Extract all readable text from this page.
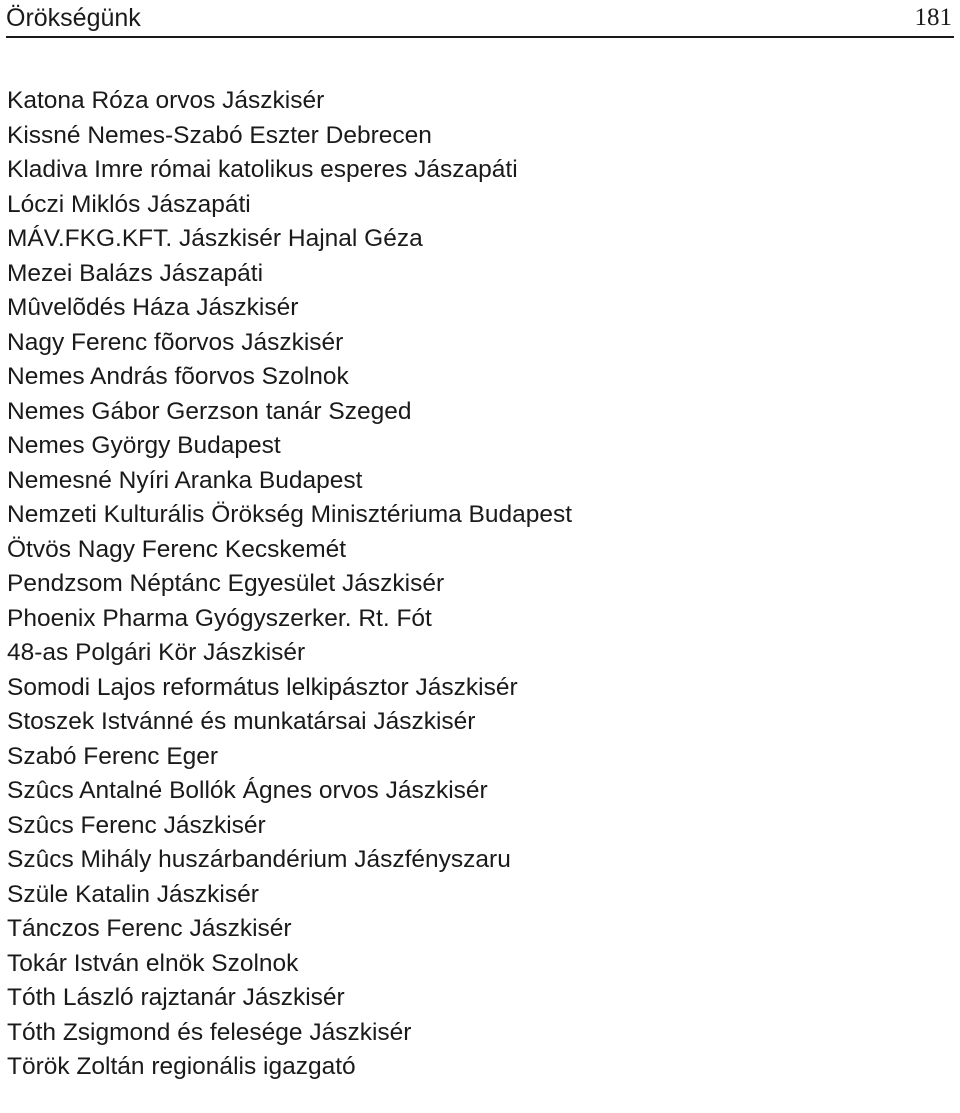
Örökségünk	181
Katona Róza orvos Jászkisér
Kissné Nemes-Szabó Eszter Debrecen
Kladiva Imre római katolikus esperes Jászapáti
Lóczi Miklós Jászapáti
MÁV.FKG.KFT. Jászkisér Hajnal Géza
Mezei Balázs Jászapáti
Mûvelõdés Háza Jászkisér
Nagy Ferenc fõorvos Jászkisér
Nemes András fõorvos Szolnok
Nemes Gábor Gerzson tanár Szeged
Nemes György Budapest
Nemesné Nyíri Aranka Budapest
Nemzeti Kulturális Örökség Minisztériuma Budapest
Ötvös Nagy Ferenc Kecskemét
Pendzsom Néptánc Egyesület Jászkisér
Phoenix Pharma Gyógyszerker. Rt. Fót
48-as Polgári Kör Jászkisér
Somodi Lajos református lelkipásztor Jászkisér
Stoszek Istvánné és munkatársai Jászkisér
Szabó Ferenc Eger
Szûcs Antalné Bollók Ágnes orvos Jászkisér
Szûcs Ferenc Jászkisér
Szûcs Mihály huszárbandérium Jászfényszaru
Szüle Katalin Jászkisér
Tánczos Ferenc Jászkisér
Tokár István elnök Szolnok
Tóth László rajztanár Jászkisér
Tóth Zsigmond és felesége Jászkisér
Török Zoltán regionális igazgató
